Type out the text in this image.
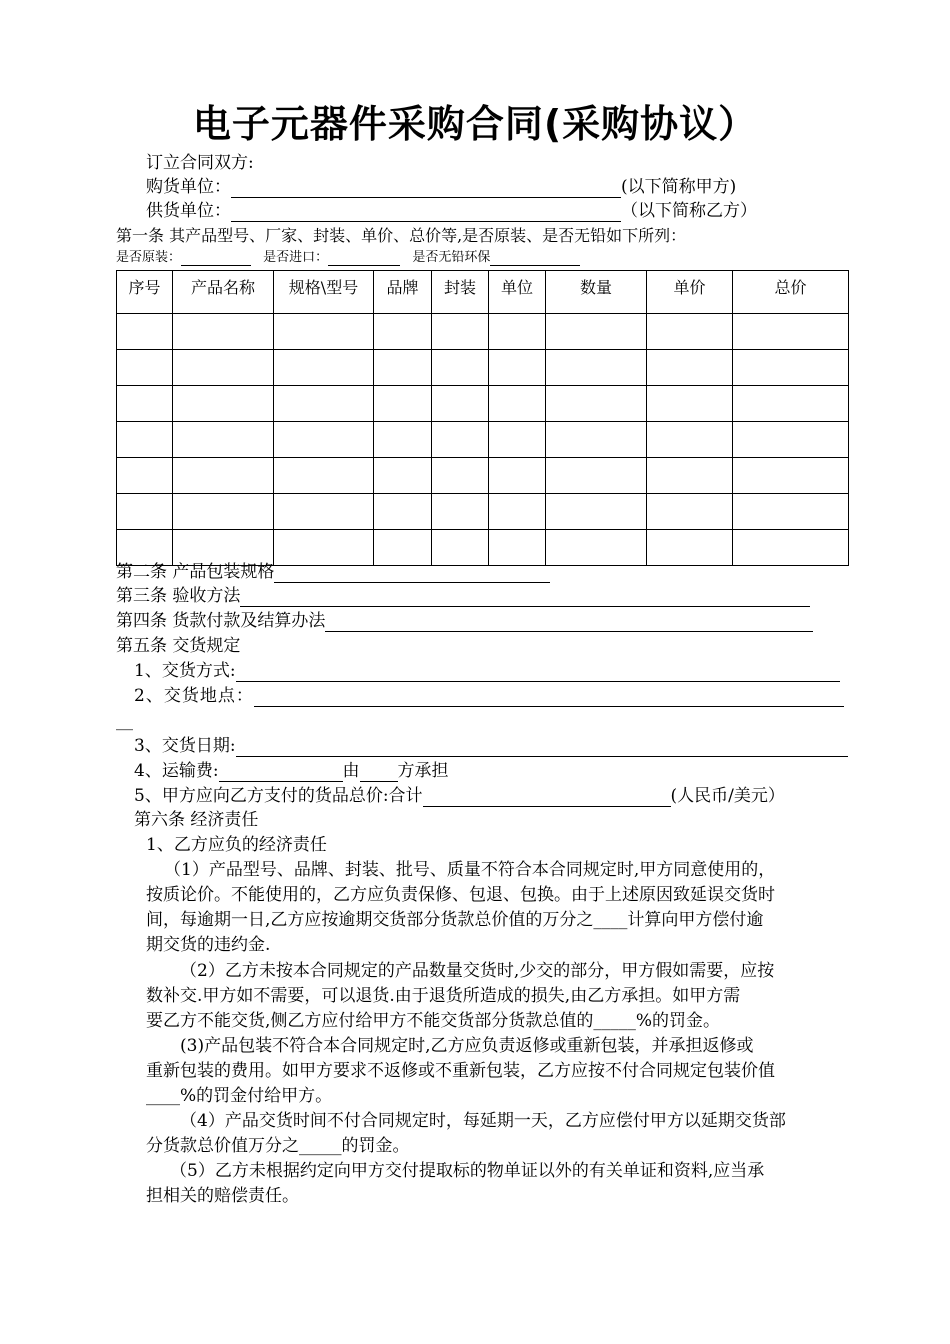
电子元器件采购合同(采购协议）
订立合同双方:
购货单位：	(以下简称甲方)
供货单位：	（以下简称乙方）
第一条 其产品型号、厂家、封装、单价、总价等,是否原装、是否无铅如下所列：
是否原装：	是否进口：	是否无铅环保
序号	产品名称	规格\型号	品牌	封装	单位	数量	单价	总价

第二条 产品包装规格
第三条 验收方法
第四条 货款付款及结算办法
第五条 交货规定
1、交货方式:
2、交货地点：
__
3、交货日期:
4、运输费:	由 方承担
5、甲方应向乙方支付的货品总价:合计	(人民币/美元）
第六条 经济责任
1、乙方应负的经济责任
（1）产品型号、品牌、封装、批号、质量不符合本合同规定时,甲方同意使用的，
按质论价。不能使用的，乙方应负责保修、包退、包换。由于上述原因致延误交货时
间，每逾期一日,乙方应按逾期交货部分货款总价值的万分之____计算向甲方偿付逾
期交货的违约金.
（2）乙方未按本合同规定的产品数量交货时,少交的部分，甲方假如需要，应按
数补交.甲方如不需要，可以退货.由于退货所造成的损失,由乙方承担。如甲方需
要乙方不能交货,侧乙方应付给甲方不能交货部分货款总值的_____%的罚金。
(3)产品包装不符合本合同规定时,乙方应负责返修或重新包装，并承担返修或
重新包装的费用。如甲方要求不返修或不重新包装，乙方应按不付合同规定包装价值
____%的罚金付给甲方。
（4）产品交货时间不付合同规定时，每延期一天，乙方应偿付甲方以延期交货部
分货款总价值万分之_____的罚金。
（5）乙方未根据约定向甲方交付提取标的物单证以外的有关单证和资料,应当承
担相关的赔偿责任。
